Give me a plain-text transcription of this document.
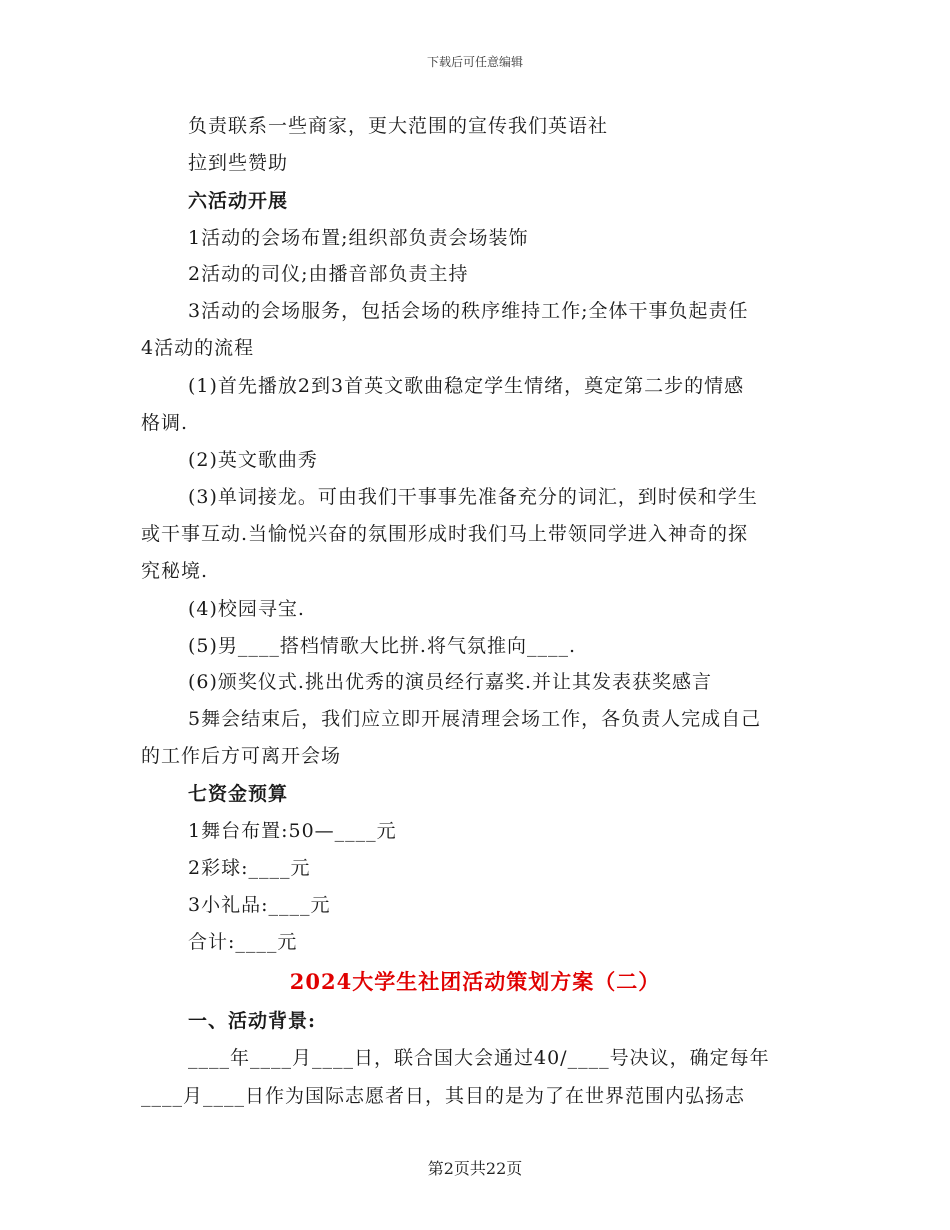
下载后可任意编辑
负责联系一些商家，更大范围的宣传我们英语社
拉到些赞助
六活动开展
1活动的会场布置;组织部负责会场装饰
2活动的司仪;由播音部负责主持
3活动的会场服务，包括会场的秩序维持工作;全体干事负起责任
4活动的流程
(1)首先播放2到3首英文歌曲稳定学生情绪，奠定第二步的情感
格调.
(2)英文歌曲秀
(3)单词接龙。可由我们干事事先准备充分的词汇，到时侯和学生
或干事互动.当愉悦兴奋的氛围形成时我们马上带领同学进入神奇的探
究秘境.
(4)校园寻宝.
(5)男____搭档情歌大比拼.将气氛推向____.
(6)颁奖仪式.挑出优秀的演员经行嘉奖.并让其发表获奖感言
5舞会结束后，我们应立即开展清理会场工作，各负责人完成自己
的工作后方可离开会场
七资金预算
1舞台布置:50—____元
2彩球:____元
3小礼品:____元
合计:____元
2024大学生社团活动策划方案（二）
一、活动背景:
____年____月____日，联合国大会通过40/____号决议，确定每年
____月____日作为国际志愿者日，其目的是为了在世界范围内弘扬志
第2页共22页
